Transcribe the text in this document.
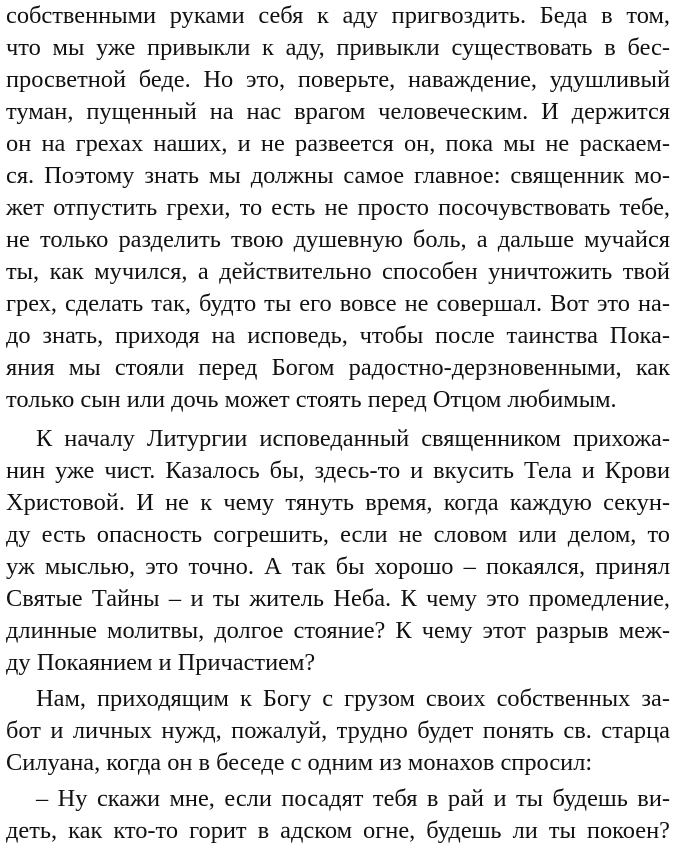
собственными руками себя к аду пригвоздить. Беда в том,
что мы уже привыкли к аду, привыкли существовать в бес-
просветной беде. Но это, поверьте, наваждение, удушливый
туман, пущенный на нас врагом человеческим. И держится
он на грехах наших, и не развеется он, пока мы не раскаем-
ся. Поэтому знать мы должны самое главное: священник мо-
жет отпустить грехи, то есть не просто посочувствовать тебе,
не только разделить твою душевную боль, а дальше мучайся
ты, как мучился, а действительно способен уничтожить твой
грех, сделать так, будто ты его вовсе не совершал. Вот это на-
до знать, приходя на исповедь, чтобы после таинства Пока-
яния мы стояли перед Богом радостно-дерзновенными, как
только сын или дочь может стоять перед Отцом любимым.
К началу Литургии исповеданный священником прихожа-
нин уже чист. Казалось бы, здесь-то и вкусить Тела и Крови
Христовой. И не к чему тянуть время, когда каждую секун-
ду есть опасность согрешить, если не словом или делом, то
уж мыслью, это точно. А так бы хорошо – покаялся, принял
Святые Тайны – и ты житель Неба. К чему это промедление,
длинные молитвы, долгое стояние? К чему этот разрыв меж-
ду Покаянием и Причастием?
Нам, приходящим к Богу с грузом своих собственных за-
бот и личных нужд, пожалуй, трудно будет понять св. старца
Силуана, когда он в беседе с одним из монахов спросил:
– Ну скажи мне, если посадят тебя в рай и ты будешь ви-
деть, как кто-то горит в адском огне, будешь ли ты покоен?
